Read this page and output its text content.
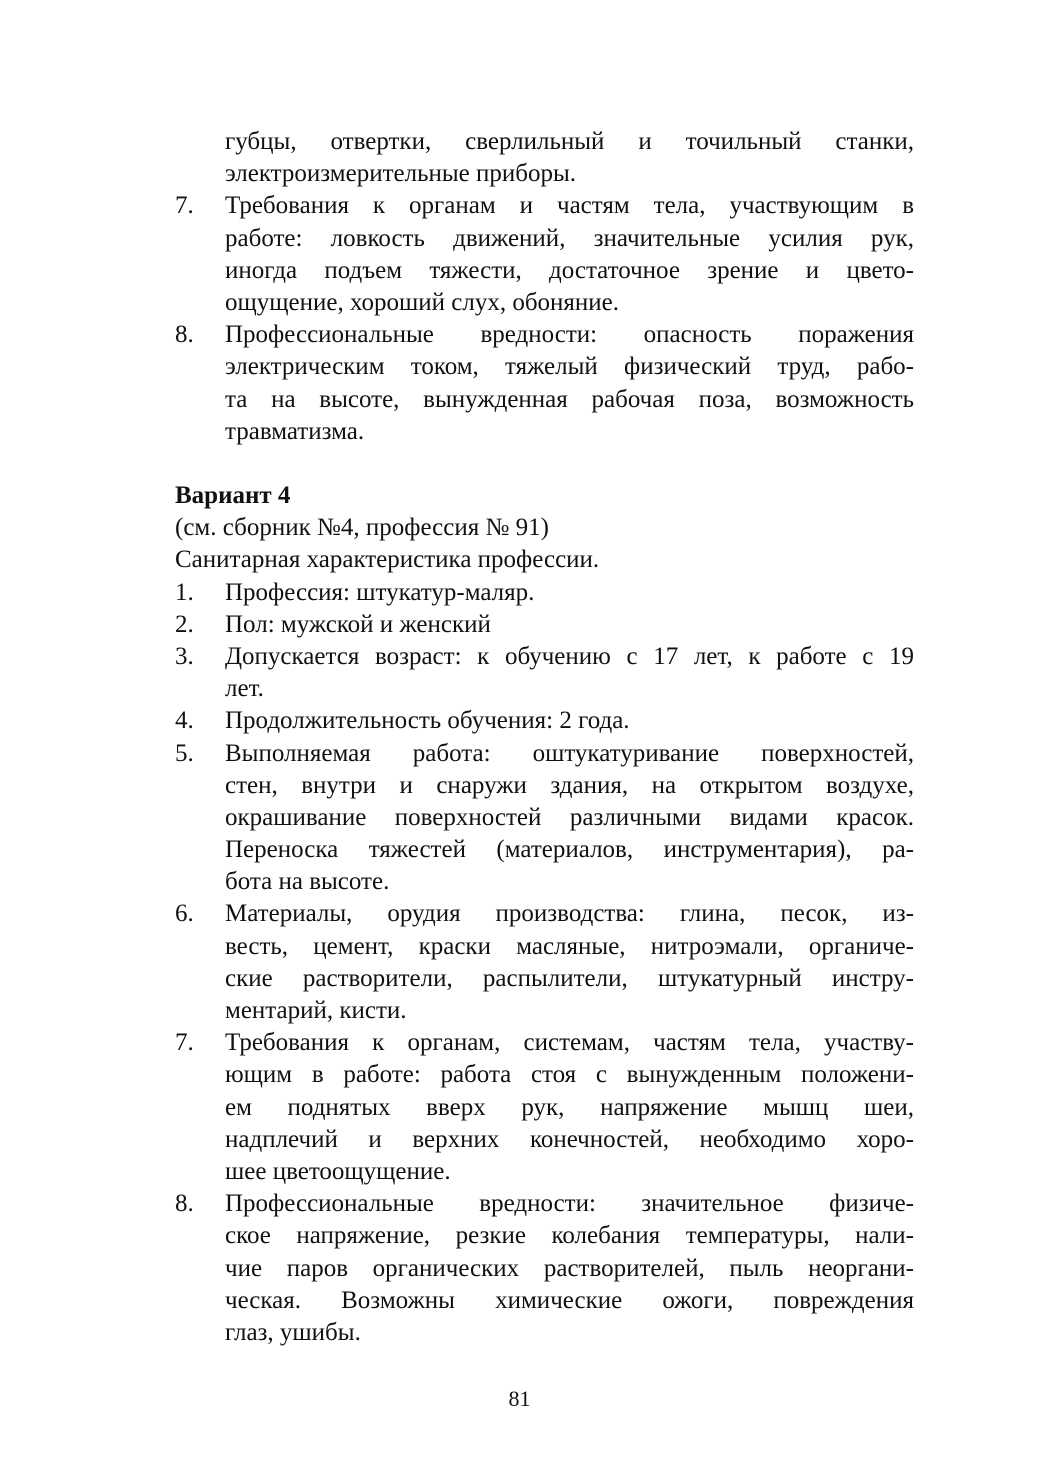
губцы, отвертки, сверлильный и точильный станки,
электроизмерительные приборы.
7. Требования к органам и частям тела, участвующим в
работе: ловкость движений, значительные усилия рук,
иногда подъем тяжести, достаточное зрение и цвето-
ощущение, хороший слух, обоняние.
8. Профессиональные вредности: опасность поражения
электрическим током, тяжелый физический труд, рабо-
та на высоте, вынужденная рабочая поза, возможность
травматизма.
Вариант 4
(см. сборник №4, профессия № 91)
Санитарная характеристика профессии.
1. Профессия: штукатур-маляр.
2. Пол: мужской и женский
3. Допускается возраст: к обучению с 17 лет, к работе с 19
лет.
4. Продолжительность обучения: 2 года.
5. Выполняемая работа: оштукатуривание поверхностей,
стен, внутри и снаружи здания, на открытом воздухе,
окрашивание поверхностей различными видами красок.
Переноска тяжестей (материалов, инструментария), ра-
бота на высоте.
6. Материалы, орудия производства: глина, песок, из-
весть, цемент, краски масляные, нитроэмали, органиче-
ские растворители, распылители, штукатурный инстру-
ментарий, кисти.
7. Требования к органам, системам, частям тела, участву-
ющим в работе: работа стоя с вынужденным положени-
ем поднятых вверх рук, напряжение мышц шеи,
надплечий и верхних конечностей, необходимо хоро-
шее цветоощущение.
8. Профессиональные вредности: значительное физиче-
ское напряжение, резкие колебания температуры, нали-
чие паров органических растворителей, пыль неоргани-
ческая. Возможны химические ожоги, повреждения
глаз, ушибы.
81
